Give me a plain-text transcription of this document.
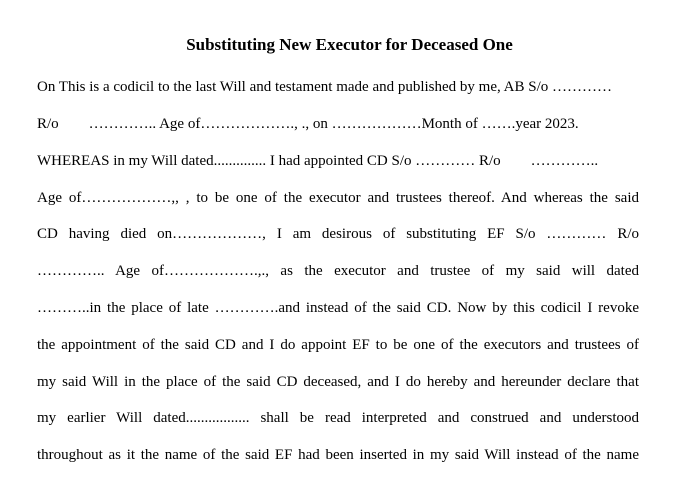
Substituting New Executor for Deceased One
On This is a codicil to the last Will and testament made and published by me, AB S/o …………
R/o        ………….. Age of………………., ., on ………………Month of …….year 2023.
WHEREAS in my Will dated.............. I had appointed CD S/o ………… R/o        …………..
Age of………………,, , to be one of the executor and trustees thereof. And whereas the said
CD having died on………………, I am desirous of substituting EF S/o ………… R/o
………….. Age of……………….,., as the executor and trustee of my said will dated
………..in the place of late ………….and instead of the said CD. Now by this codicil I revoke
the appointment of the said CD and I do appoint EF to be one of the executors and trustees of
my said Will in the place of the said CD deceased, and I do hereby and hereunder declare that
my earlier Will dated................. shall be read interpreted and construed and understood
throughout as it the name of the said EF had been inserted in my said Will instead of the name
